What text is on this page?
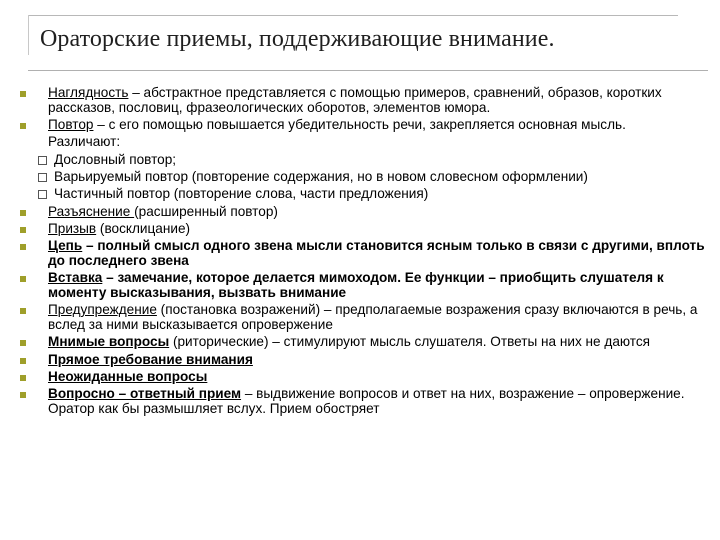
Ораторские приемы, поддерживающие внимание.
Наглядность – абстрактное представляется с помощью примеров, сравнений, образов, коротких рассказов, пословиц, фразеологических оборотов, элементов юмора.
Повтор – с его помощью повышается убедительность речи, закрепляется основная мысль.
Различают:
Дословный повтор;
Варьируемый повтор (повторение содержания, но в новом словесном оформлении)
Частичный повтор (повторение слова, части предложения)
Разъяснение (расширенный повтор)
Призыв (восклицание)
Цепь – полный смысл одного звена мысли становится ясным только в связи с другими, вплоть до последнего звена
Вставка – замечание, которое делается мимоходом. Ее функции – приобщить слушателя к моменту высказывания, вызвать внимание
Предупреждение (постановка возражений) – предполагаемые возражения сразу включаются в речь, а вслед за ними высказывается опровержение
Мнимые вопросы (риторические) – стимулируют мысль слушателя. Ответы на них не даются
Прямое требование внимания
Неожиданные вопросы
Вопросно – ответный прием – выдвижение вопросов и ответ на них, возражение – опровержение. Оратор как бы размышляет вслух. Прием обостряет
